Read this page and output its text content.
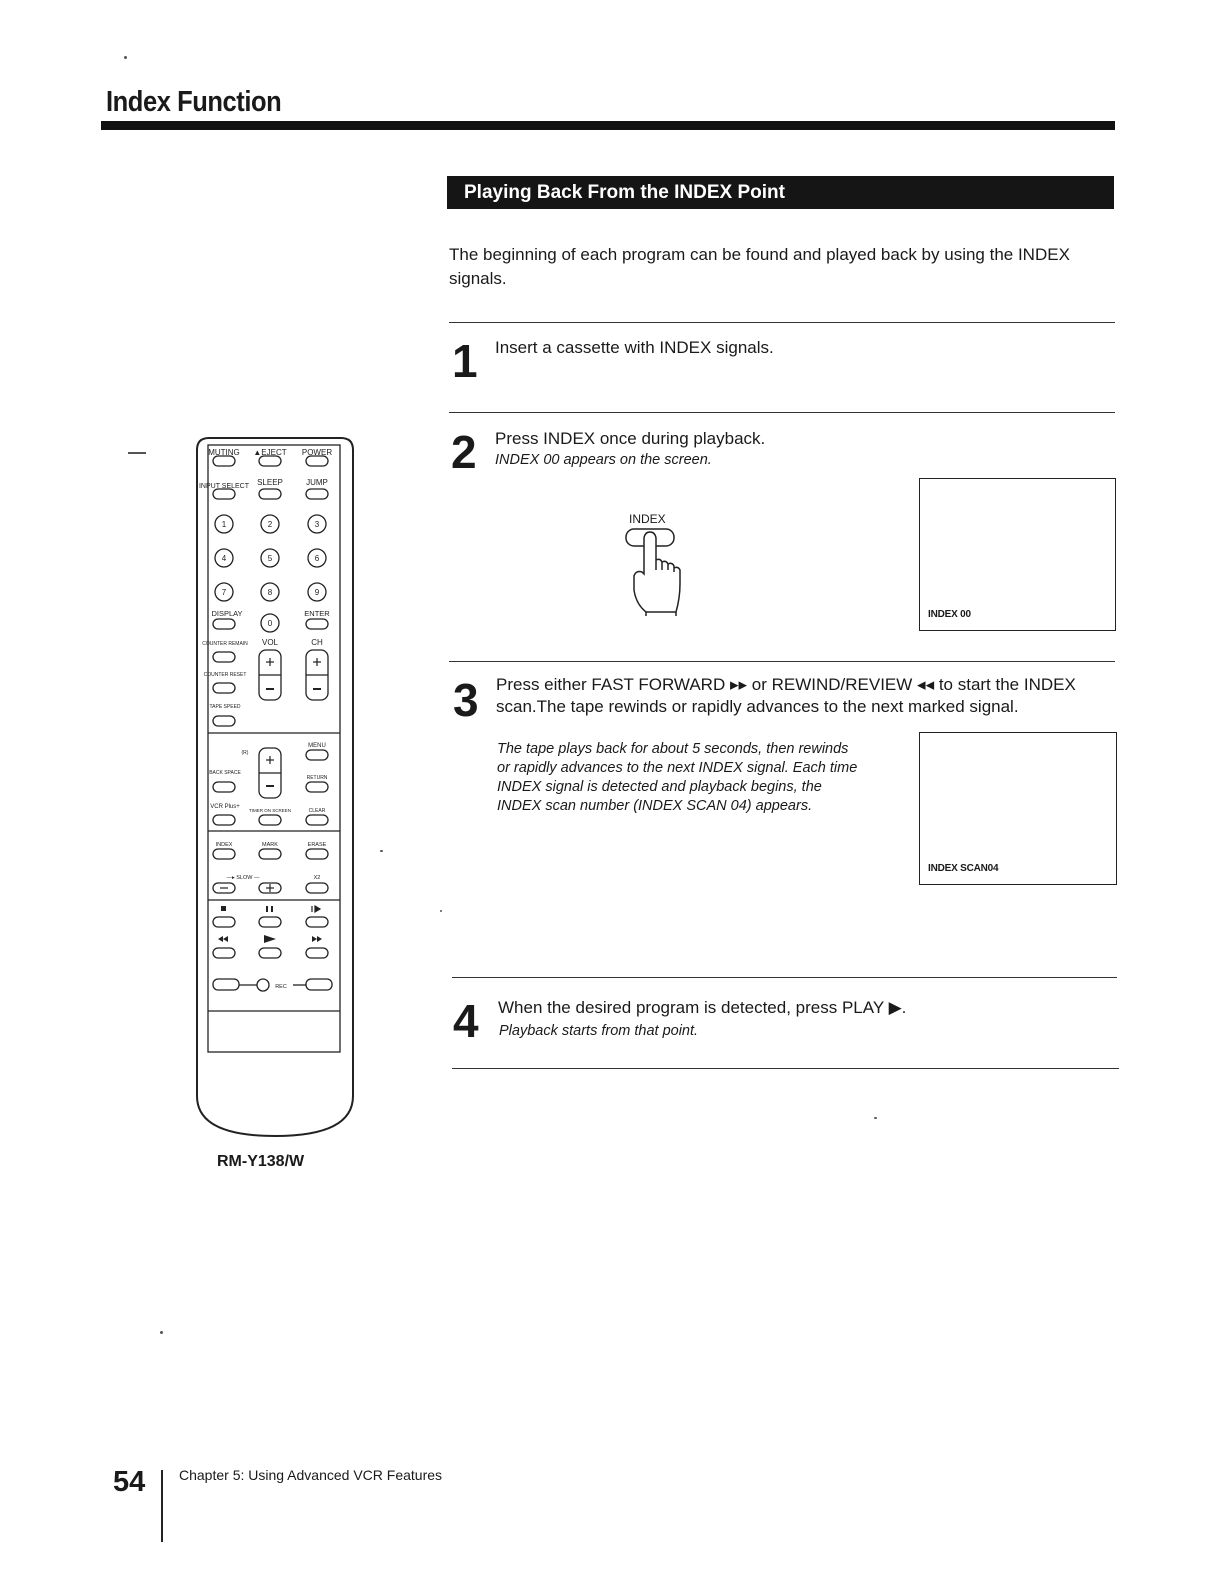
Index Function
Playing Back From the INDEX Point
The beginning of each program can be found and played back by using the INDEX signals.
1 Insert a cassette with INDEX signals.
2 Press INDEX once during playback.
INDEX 00 appears on the screen.
INDEX
INDEX 00
3 Press either FAST FORWARD ▸▸ or REWIND/REVIEW ◂◂ to start the INDEX scan.The tape rewinds or rapidly advances to the next marked signal.
The tape plays back for about 5 seconds, then rewinds or rapidly advances to the next INDEX signal. Each time INDEX signal is detected and playback begins, the INDEX scan number (INDEX SCAN 04) appears.
INDEX SCAN04
4 When the desired program is detected, press PLAY ▶.
Playback starts from that point.
MUTING ▲EJECT POWER
INPUT SELECT SLEEP	JUMP
DISPLAY	ENTER
COUNTER REMAIN VOL	CH
COUNTER RESET
TAPE SPEED
MENU
(R)
BACK SPACE
RETURN
VCR Plus+
TIMER ON SCREEN	CLEAR
INDEX	MARK	ERASE
—▸ SLOW —	X2
REC
1	2	3
4	5	6
7	8	9
0
RM-Y138/W
54 Chapter 5: Using Advanced VCR Features
